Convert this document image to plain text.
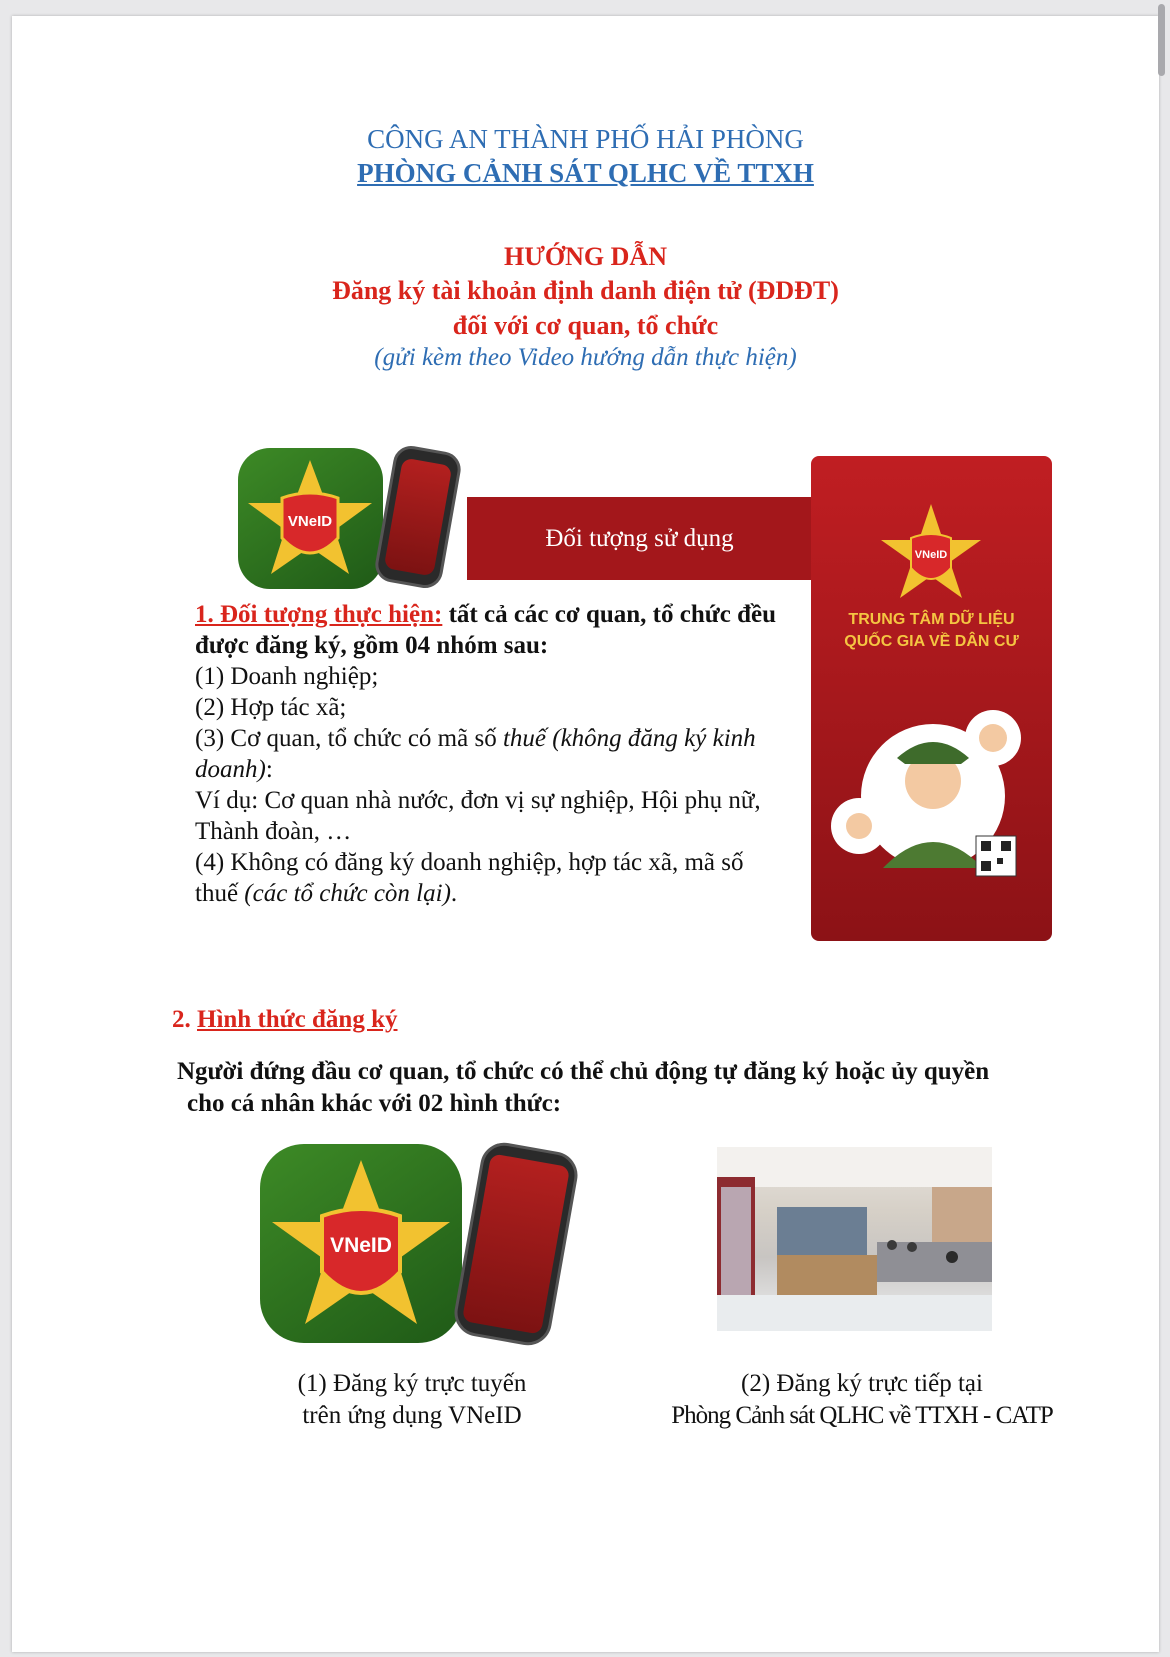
CÔNG AN THÀNH PHỐ HẢI PHÒNG
PHÒNG CẢNH SÁT QLHC VỀ TTXH
HƯỚNG DẪN
Đăng ký tài khoản định danh điện tử (ĐDĐT)
đối với cơ quan, tổ chức
(gửi kèm theo Video hướng dẫn thực hiện)
VNeID
Đối tượng sử dụng
VNeID
TRUNG TÂM DỮ LIỆU
QUỐC GIA VỀ DÂN CƯ
1. Đối tượng thực hiện: tất cả các cơ quan, tổ chức đều được đăng ký, gồm 04 nhóm sau:
(1) Doanh nghiệp;
(2) Hợp tác xã;
(3) Cơ quan, tổ chức có mã số thuế (không đăng ký kinh doanh):
Ví dụ: Cơ quan nhà nước, đơn vị sự nghiệp, Hội phụ nữ, Thành đoàn, …
(4) Không có đăng ký doanh nghiệp, hợp tác xã, mã số thuế (các tổ chức còn lại).
2. Hình thức đăng ký
Người đứng đầu cơ quan, tổ chức có thể chủ động tự đăng ký hoặc ủy quyền
cho cá nhân khác với 02 hình thức:
VNeID
(1) Đăng ký trực tuyến
trên ứng dụng VNeID
(2) Đăng ký trực tiếp tại
Phòng Cảnh sát QLHC về TTXH - CATP
